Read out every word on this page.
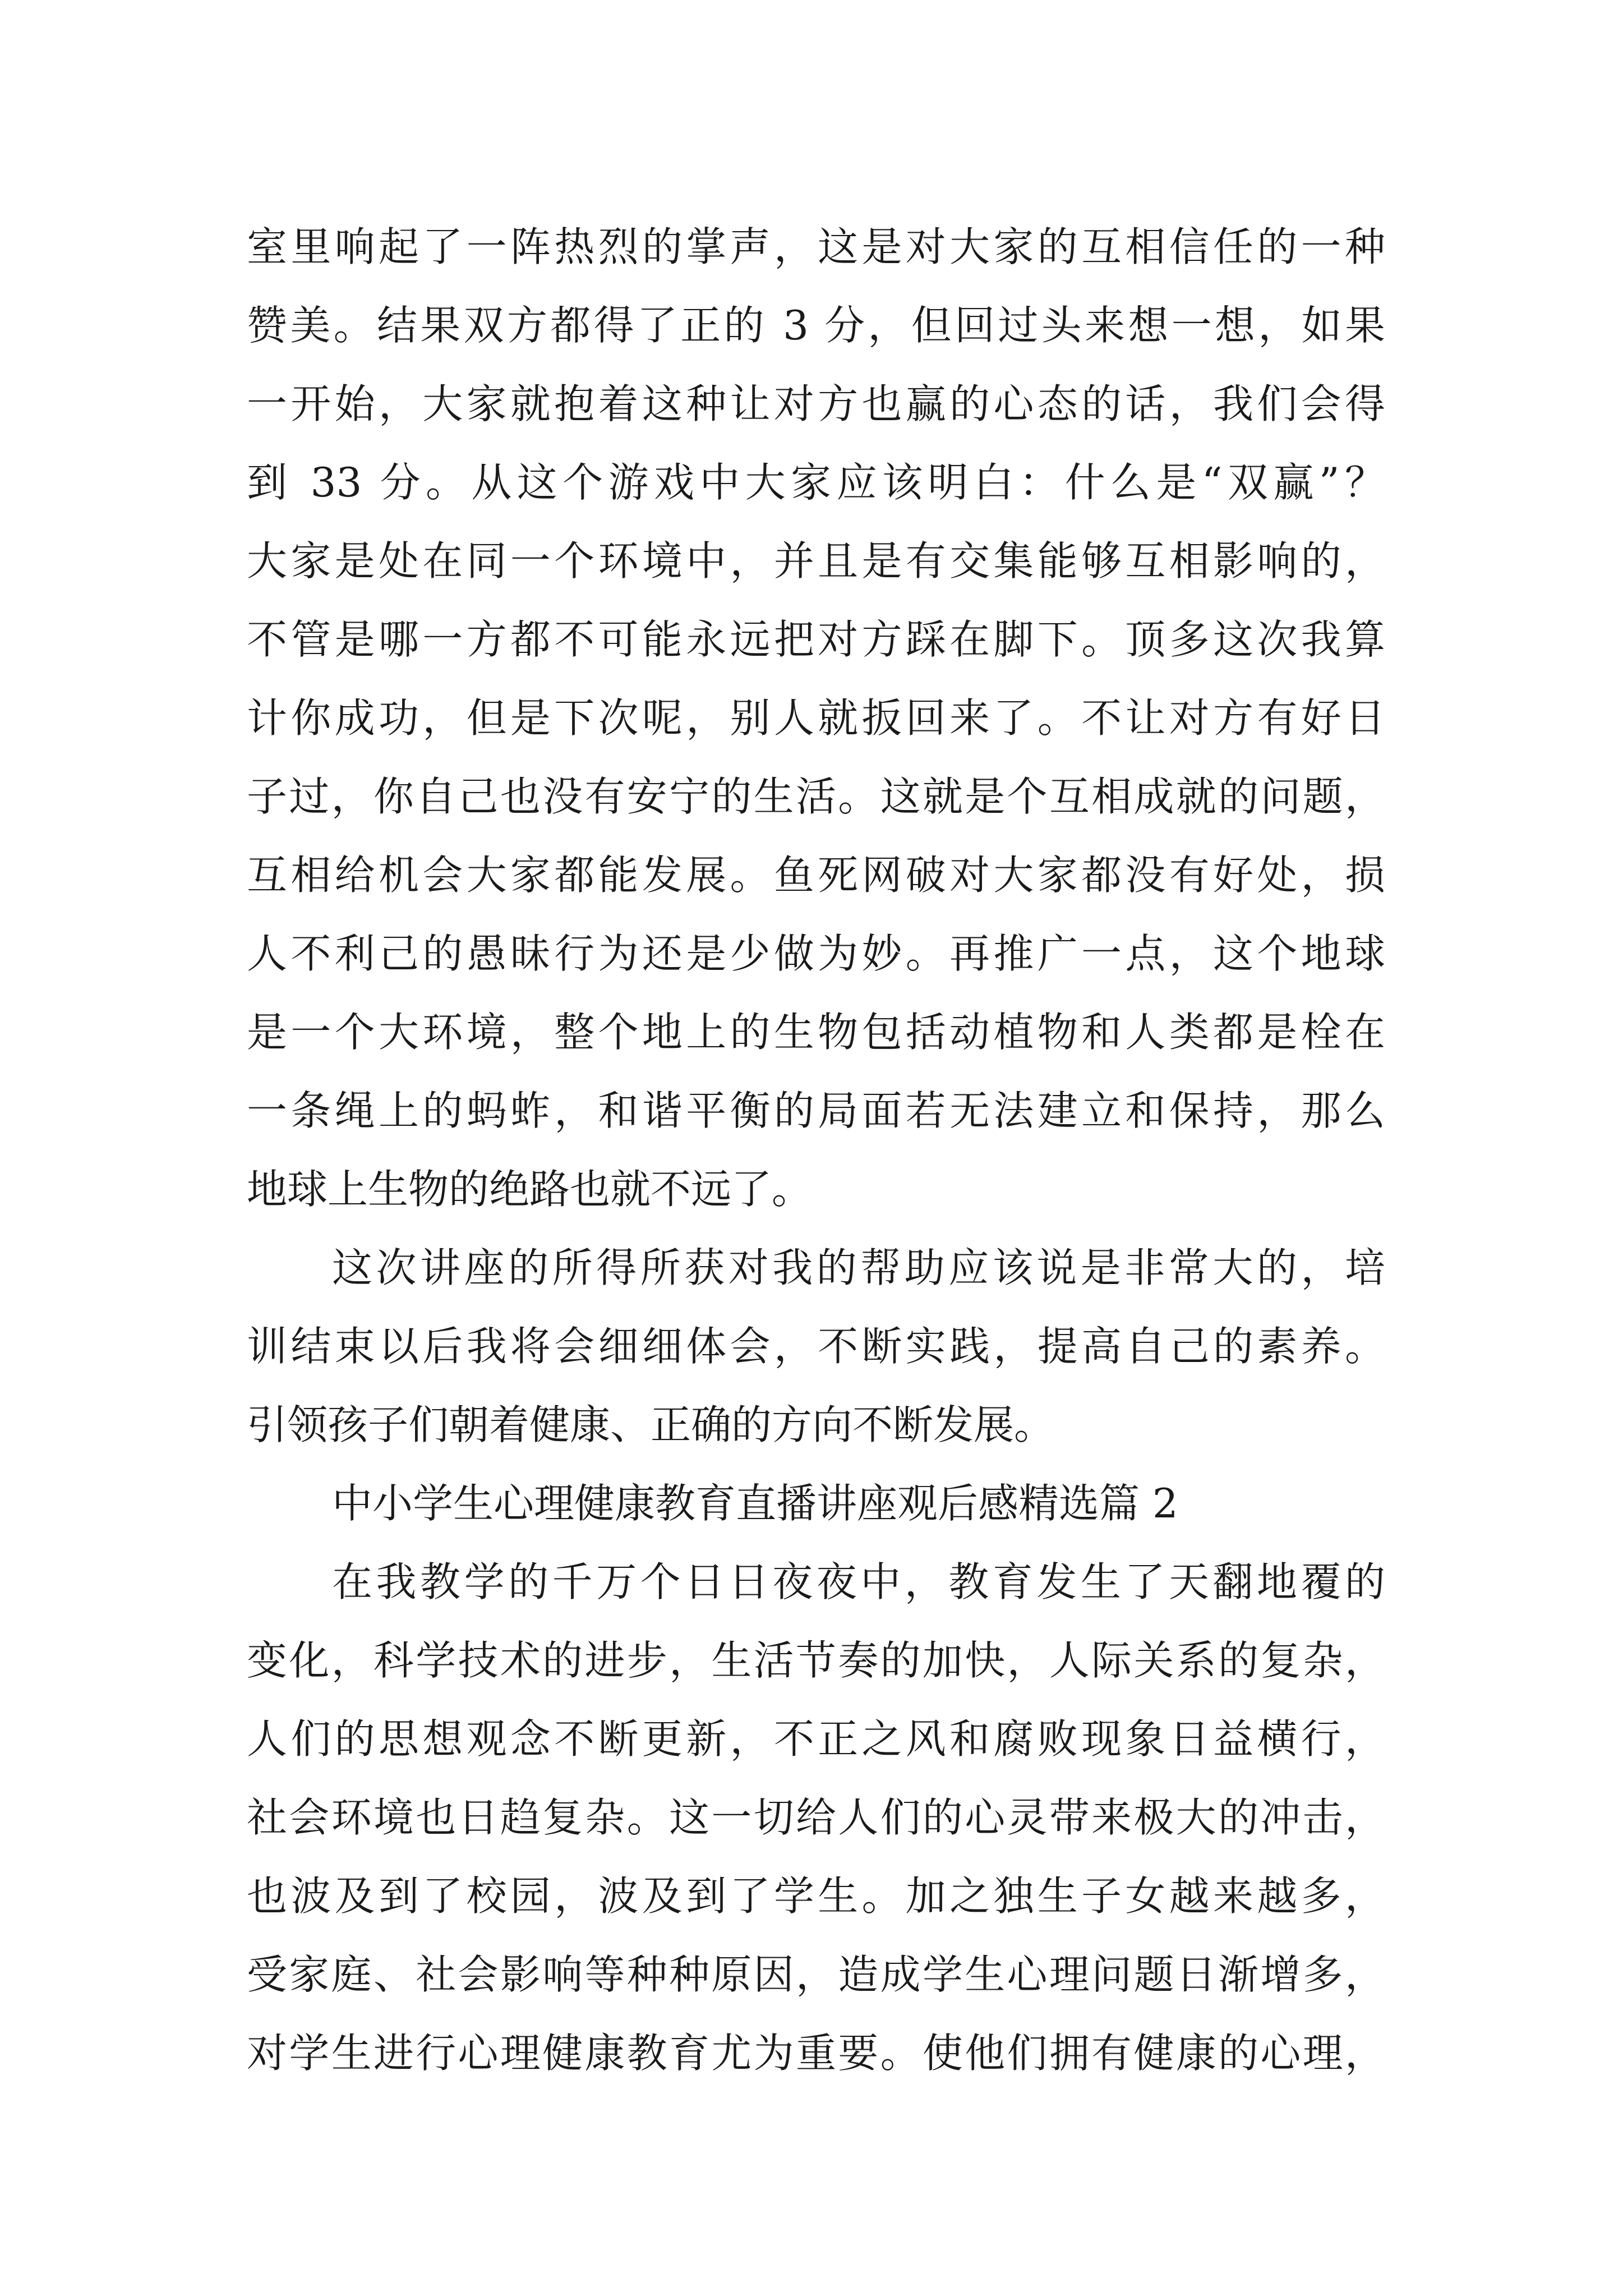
室里响起了一阵热烈的掌声，这是对大家的互相信任的一种
赞美。结果双方都得了正的 3 分，但回过头来想一想，如果
一开始，大家就抱着这种让对方也赢的心态的话，我们会得
到 33 分。从这个游戏中大家应该明白：什么是“双赢”？
大家是处在同一个环境中，并且是有交集能够互相影响的，
不管是哪一方都不可能永远把对方踩在脚下。顶多这次我算
计你成功，但是下次呢，别人就扳回来了。不让对方有好日
子过，你自己也没有安宁的生活。这就是个互相成就的问题，
互相给机会大家都能发展。鱼死网破对大家都没有好处，损
人不利己的愚昧行为还是少做为妙。再推广一点，这个地球
是一个大环境，整个地上的生物包括动植物和人类都是栓在
一条绳上的蚂蚱，和谐平衡的局面若无法建立和保持，那么
地球上生物的绝路也就不远了。
这次讲座的所得所获对我的帮助应该说是非常大的，培
训结束以后我将会细细体会，不断实践，提高自己的素养。
引领孩子们朝着健康、正确的方向不断发展。
中小学生心理健康教育直播讲座观后感精选篇 2
在我教学的千万个日日夜夜中，教育发生了天翻地覆的
变化，科学技术的进步，生活节奏的加快，人际关系的复杂，
人们的思想观念不断更新，不正之风和腐败现象日益横行，
社会环境也日趋复杂。这一切给人们的心灵带来极大的冲击，
也波及到了校园，波及到了学生。加之独生子女越来越多，
受家庭、社会影响等种种原因，造成学生心理问题日渐增多，
对学生进行心理健康教育尤为重要。使他们拥有健康的心理，
